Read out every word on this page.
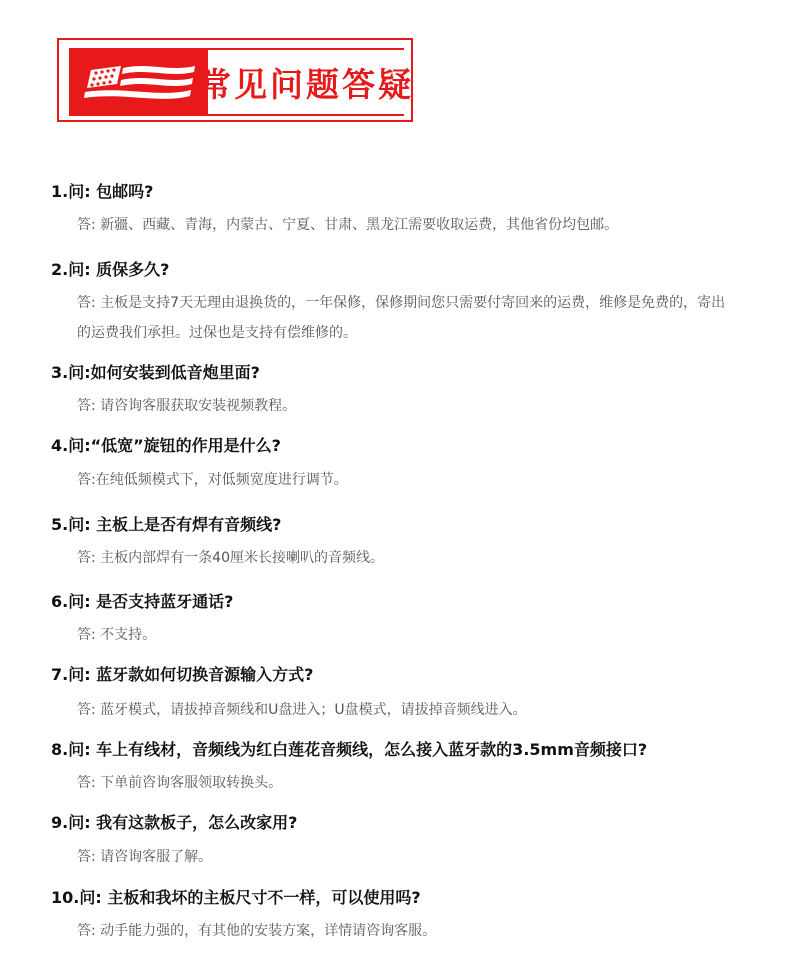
常见问题答疑
1.问: 包邮吗?
答: 新疆、西藏、青海，内蒙古、宁夏、甘肃、黑龙江需要收取运费，其他省份均包邮。
2.问: 质保多久?
答: 主板是支持7天无理由退换货的，一年保修，保修期间您只需要付寄回来的运费，维修是免费的，寄出的运费我们承担。过保也是支持有偿维修的。
3.问:如何安装到低音炮里面?
答: 请咨询客服获取安装视频教程。
4.问:“低宽”旋钮的作用是什么?
答:在纯低频模式下，对低频宽度进行调节。
5.问: 主板上是否有焊有音频线?
答: 主板内部焊有一条40厘米长接喇叭的音频线。
6.问: 是否支持蓝牙通话?
答: 不支持。
7.问: 蓝牙款如何切换音源输入方式?
答: 蓝牙模式，请拔掉音频线和U盘进入；U盘模式，请拔掉音频线进入。
8.问: 车上有线材，音频线为红白莲花音频线，怎么接入蓝牙款的3.5mm音频接口?
答: 下单前咨询客服领取转换头。
9.问: 我有这款板子，怎么改家用?
答: 请咨询客服了解。
10.问: 主板和我坏的主板尺寸不一样，可以使用吗?
答: 动手能力强的，有其他的安装方案，详情请咨询客服。
